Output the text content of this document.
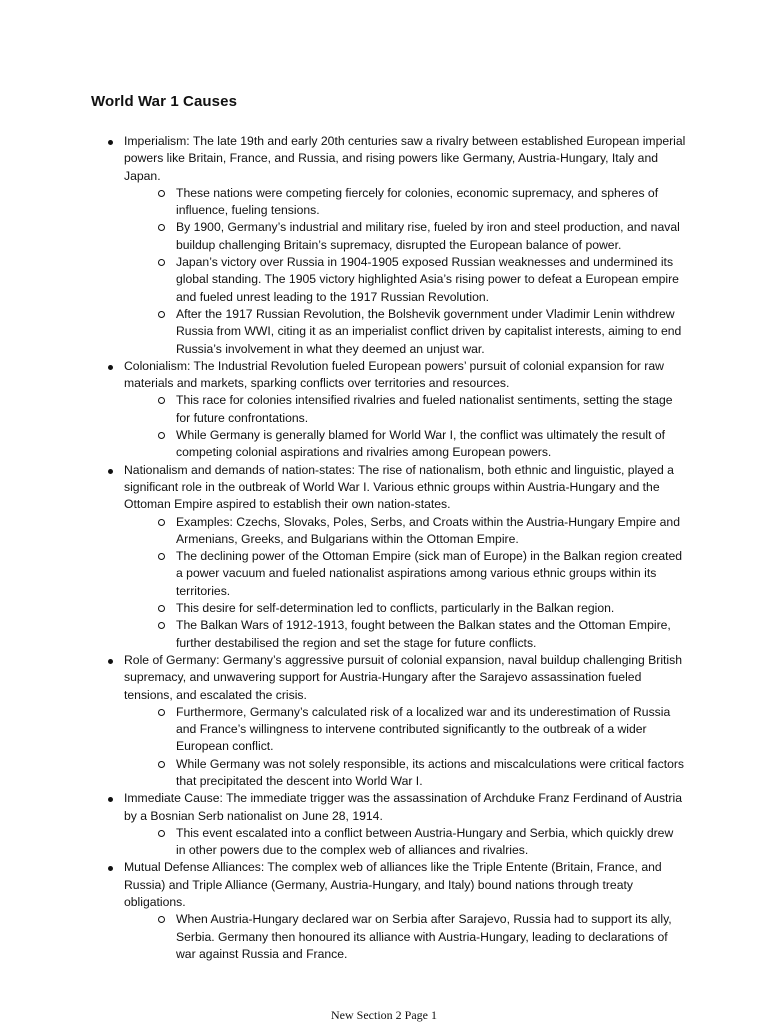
World War 1 Causes
Imperialism: The late 19th and early 20th centuries saw a rivalry between established European imperial powers like Britain, France, and Russia, and rising powers like Germany, Austria-Hungary, Italy and Japan.
These nations were competing fiercely for colonies, economic supremacy, and spheres of influence, fueling tensions.
By 1900, Germany’s industrial and military rise, fueled by iron and steel production, and naval buildup challenging Britain’s supremacy, disrupted the European balance of power.
Japan’s victory over Russia in 1904-1905 exposed Russian weaknesses and undermined its global standing. The 1905 victory highlighted Asia’s rising power to defeat a European empire and fueled unrest leading to the 1917 Russian Revolution.
After the 1917 Russian Revolution, the Bolshevik government under Vladimir Lenin withdrew Russia from WWI, citing it as an imperialist conflict driven by capitalist interests, aiming to end Russia’s involvement in what they deemed an unjust war.
Colonialism: The Industrial Revolution fueled European powers’ pursuit of colonial expansion for raw materials and markets, sparking conflicts over territories and resources.
This race for colonies intensified rivalries and fueled nationalist sentiments, setting the stage for future confrontations.
While Germany is generally blamed for World War I, the conflict was ultimately the result of competing colonial aspirations and rivalries among European powers.
Nationalism and demands of nation-states: The rise of nationalism, both ethnic and linguistic, played a significant role in the outbreak of World War I. Various ethnic groups within Austria-Hungary and the Ottoman Empire aspired to establish their own nation-states.
Examples: Czechs, Slovaks, Poles, Serbs, and Croats within the Austria-Hungary Empire and Armenians, Greeks, and Bulgarians within the Ottoman Empire.
The declining power of the Ottoman Empire (sick man of Europe) in the Balkan region created a power vacuum and fueled nationalist aspirations among various ethnic groups within its territories.
This desire for self-determination led to conflicts, particularly in the Balkan region.
The Balkan Wars of 1912-1913, fought between the Balkan states and the Ottoman Empire, further destabilised the region and set the stage for future conflicts.
Role of Germany: Germany’s aggressive pursuit of colonial expansion, naval buildup challenging British supremacy, and unwavering support for Austria-Hungary after the Sarajevo assassination fueled tensions, and escalated the crisis.
Furthermore, Germany’s calculated risk of a localized war and its underestimation of Russia and France’s willingness to intervene contributed significantly to the outbreak of a wider European conflict.
While Germany was not solely responsible, its actions and miscalculations were critical factors that precipitated the descent into World War I.
Immediate Cause: The immediate trigger was the assassination of Archduke Franz Ferdinand of Austria by a Bosnian Serb nationalist on June 28, 1914.
This event escalated into a conflict between Austria-Hungary and Serbia, which quickly drew in other powers due to the complex web of alliances and rivalries.
Mutual Defense Alliances: The complex web of alliances like the Triple Entente (Britain, France, and Russia) and Triple Alliance (Germany, Austria-Hungary, and Italy) bound nations through treaty obligations.
When Austria-Hungary declared war on Serbia after Sarajevo, Russia had to support its ally, Serbia. Germany then honoured its alliance with Austria-Hungary, leading to declarations of war against Russia and France.
New Section 2 Page 1
